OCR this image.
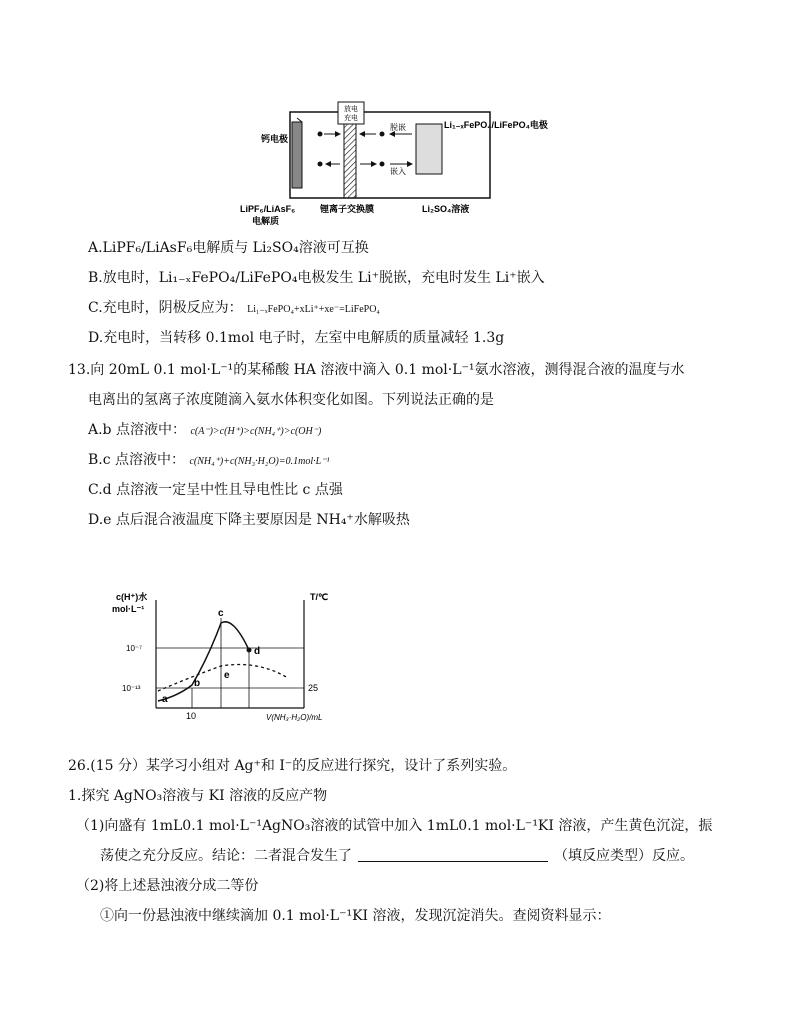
放电
充电
脱嵌
嵌入
钙电极
Li₁₋ₓFePO₄/LiFePO₄电极
LiPF₆/LiAsF₆
电解质
锂离子交换膜	Li₂SO₄溶液
A.LiPF₆/LiAsF₆电解质与 Li₂SO₄溶液可互换
B.放电时，Li₁₋ₓFePO₄/LiFePO₄电极发生 Li⁺脱嵌，充电时发生 Li⁺嵌入
C.充电时，阴极反应为： Li₁₋ₓFePO₄+xLi⁺+xe⁻=LiFePO₄
D.充电时，当转移 0.1mol 电子时，左室中电解质的质量减轻 1.3g
13.向 20mL 0.1 mol·L⁻¹的某稀酸 HA 溶液中滴入 0.1 mol·L⁻¹氨水溶液，测得混合液的温度与水
电离出的氢离子浓度随滴入氨水体积变化如图。下列说法正确的是
A.b 点溶液中： c(A⁻)>c(H⁺)>c(NH₄⁺)>c(OH⁻)
B.c 点溶液中： c(NH₄⁺)+c(NH₃·H₂O)=0.1mol·L⁻¹
C.d 点溶液一定呈中性且导电性比 c 点强
D.e 点后混合液温度下降主要原因是 NH₄⁺水解吸热
c(H⁺)水
mol·L⁻¹
10⁻⁷
10⁻¹³
10
T/℃
25
V(NH₃·H₂O)/mL
a
b
c
d
e
26.(15 分）某学习小组对 Ag⁺和 I⁻的反应进行探究，设计了系列实验。
1.探究 AgNO₃溶液与 KI 溶液的反应产物
（1)向盛有 1mL0.1 mol·L⁻¹AgNO₃溶液的试管中加入 1mL0.1 mol·L⁻¹KI 溶液，产生黄色沉淀，振
荡使之充分反应。结论：二者混合发生了	（填反应类型）反应。
（2)将上述悬浊液分成二等份
①向一份悬浊液中继续滴加 0.1 mol·L⁻¹KI 溶液，发现沉淀消失。查阅资料显示：
